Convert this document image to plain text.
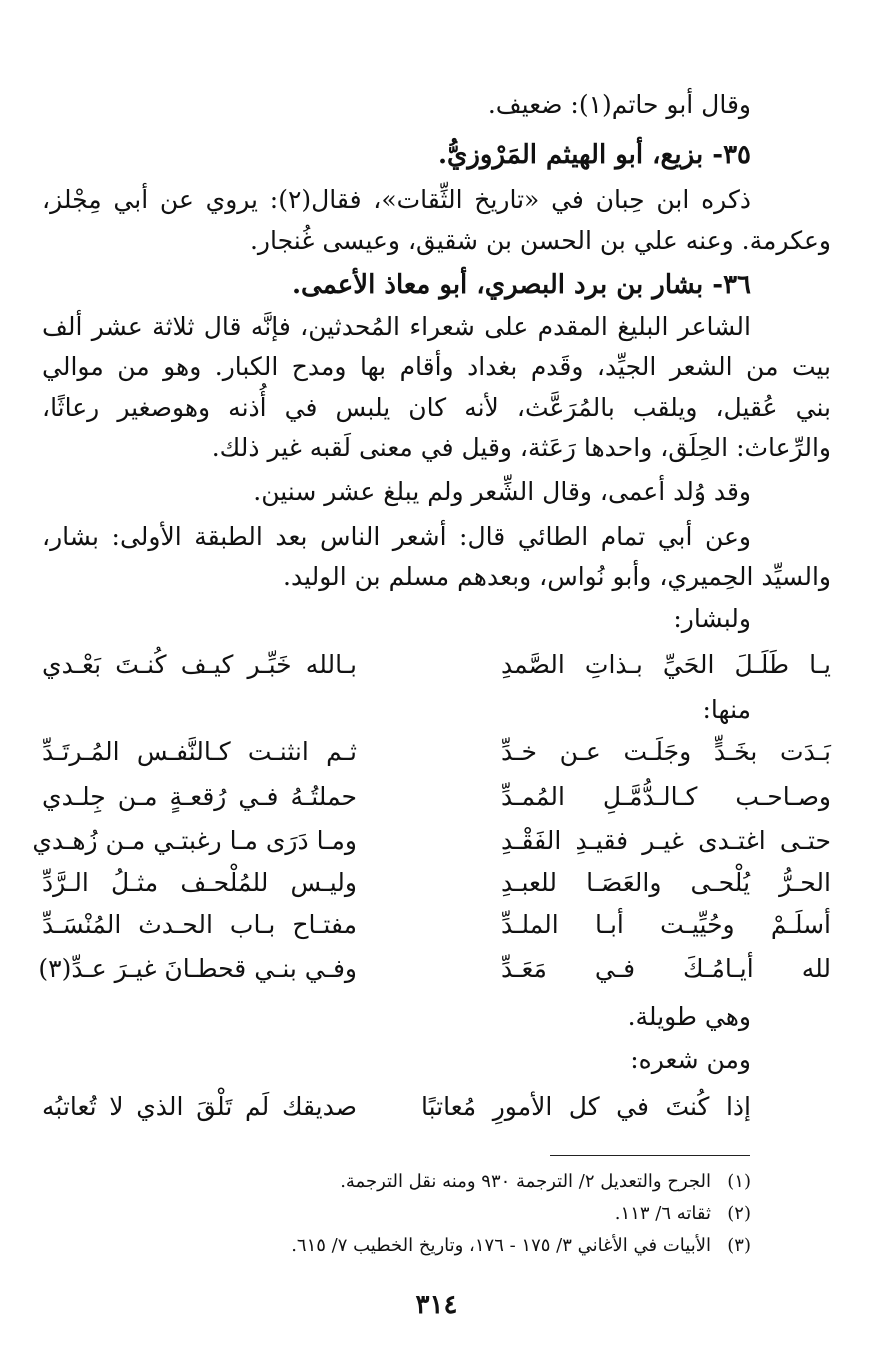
وقال أبو حاتم(١): ضعيف.
٣٥- بزيع، أبو الهيثم المَرْوزيُّ.
ذكره ابن حِبان في «تاريخ الثِّقات»، فقال(٢): يروي عن أبي مِجْلز،
وعكرمة. وعنه علي بن الحسن بن شقيق، وعيسى غُنجار.
٣٦- بشار بن برد البصري، أبو معاذ الأعمى.
الشاعر البليغ المقدم على شعراء المُحدثين، فإنَّه قال ثلاثة عشر ألف
بيت من الشعر الجيِّد، وقَدم بغداد وأقام بها ومدح الكبار. وهو من موالي
بني عُقيل، ويلقب بالمُرَعَّث، لأنه كان يلبس في أُذنه وهوصغير رعاثًا،
والرِّعاث: الحِلَق، واحدها رَعَثة، وقيل في معنى لَقبه غير ذلك.
وقد وُلد أعمى، وقال الشِّعر ولم يبلغ عشر سنين.
وعن أبي تمام الطائي قال: أشعر الناس بعد الطبقة الأولى: بشار،
والسيِّد الحِميري، وأبو نُواس، وبعدهم مسلم بن الوليد.
ولبشار:
يـا طَلَـلَ الحَيِّ بـذاتِ الصَّمدِ
بـالله خَبِّـر كيـف كُنـتَ بَعْـدي
منها:
بَـدَت بخَـدٍّ وجَلَـت عـن خـدِّ
ثـم انثنـت كـالنَّفـس المُـرتَـدِّ
وصـاحـب كـالـدُّمَّـلِ المُمـدِّ
حملتُـهُ فـي رُقعـةٍ مـن جِلـدي
حتـى اغتـدى غيـر فقيـدِ الفَقْـدِ
ومـا دَرَى مـا رغبتـي مـن زُهـدي
الحـرُّ يُلْحـى والعَصَـا للعبـدِ
وليـس للمُلْحـف مثـلُ الـرَّدِّ
أسلَـمْ وحُيِّيـت أبـا الملـدِّ
مفتـاح بـاب الحـدث المُنْسَـدِّ
لله أيـامُـكَ فـي مَعَـدِّ
وفـي بنـي قحطـانَ غيـرَ عـدِّ(٣)
وهي طويلة.
ومن شعره:
إذا كُنتَ في كل الأمورِ مُعاتبًا
صديقك لَم تَلْقَ الذي لا تُعاتبُه
(١)الجرح والتعديل ٢/ الترجمة ٩٣٠ ومنه نقل الترجمة.
(٢)ثقاته ٦/ ١١٣.
(٣)الأبيات في الأغاني ٣/ ١٧٥ - ١٧٦، وتاريخ الخطيب ٧/ ٦١٥.
٣١٤
